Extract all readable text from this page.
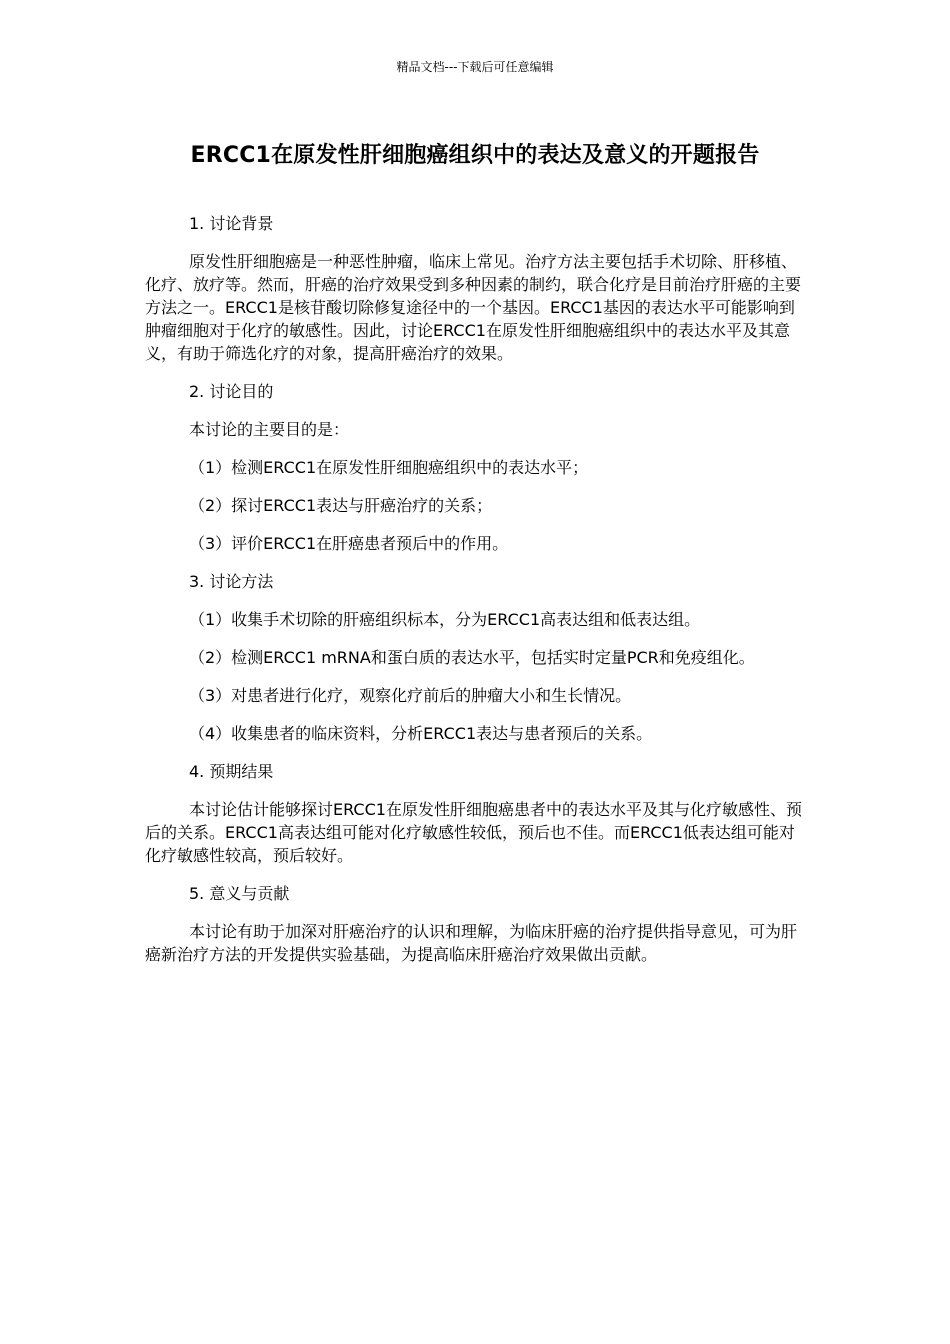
精品文档---下载后可任意编辑
ERCC1在原发性肝细胞癌组织中的表达及意义的开题报告

1. 讨论背景

原发性肝细胞癌是一种恶性肿瘤，临床上常见。治疗方法主要包括手术切除、肝移植、化疗、放疗等。然而，肝癌的治疗效果受到多种因素的制约，联合化疗是目前治疗肝癌的主要方法之一。ERCC1是核苷酸切除修复途径中的一个基因。ERCC1基因的表达水平可能影响到肿瘤细胞对于化疗的敏感性。因此，讨论ERCC1在原发性肝细胞癌组织中的表达水平及其意义，有助于筛选化疗的对象，提高肝癌治疗的效果。

2. 讨论目的

本讨论的主要目的是：

（1）检测ERCC1在原发性肝细胞癌组织中的表达水平；

（2）探讨ERCC1表达与肝癌治疗的关系；

（3）评价ERCC1在肝癌患者预后中的作用。

3. 讨论方法

（1）收集手术切除的肝癌组织标本，分为ERCC1高表达组和低表达组。

（2）检测ERCC1 mRNA和蛋白质的表达水平，包括实时定量PCR和免疫组化。

（3）对患者进行化疗，观察化疗前后的肿瘤大小和生长情况。

（4）收集患者的临床资料，分析ERCC1表达与患者预后的关系。

4. 预期结果

本讨论估计能够探讨ERCC1在原发性肝细胞癌患者中的表达水平及其与化疗敏感性、预后的关系。ERCC1高表达组可能对化疗敏感性较低，预后也不佳。而ERCC1低表达组可能对化疗敏感性较高，预后较好。

5. 意义与贡献

本讨论有助于加深对肝癌治疗的认识和理解，为临床肝癌的治疗提供指导意见，可为肝癌新治疗方法的开发提供实验基础，为提高临床肝癌治疗效果做出贡献。
